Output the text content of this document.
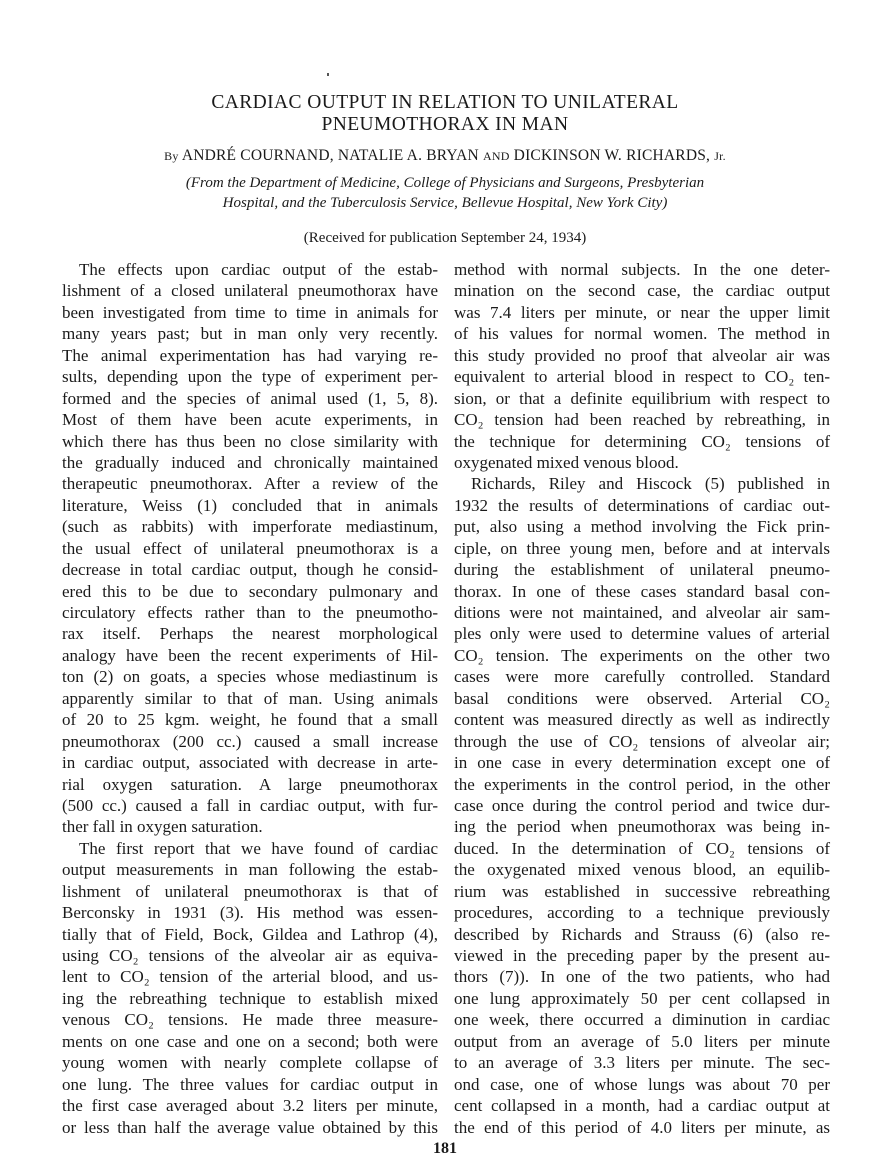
CARDIAC OUTPUT IN RELATION TO UNILATERAL
PNEUMOTHORAX IN MAN
By ANDRÉ COURNAND, NATALIE A. BRYAN AND DICKINSON W. RICHARDS, Jr.
(From the Department of Medicine, College of Physicians and Surgeons, Presbyterian
Hospital, and the Tuberculosis Service, Bellevue Hospital, New York City)
(Received for publication September 24, 1934)
The effects upon cardiac output of the estab-
lishment of a closed unilateral pneumothorax have
been investigated from time to time in animals for
many years past; but in man only very recently.
The animal experimentation has had varying re-
sults, depending upon the type of experiment per-
formed and the species of animal used (1, 5, 8).
Most of them have been acute experiments, in
which there has thus been no close similarity with
the gradually induced and chronically maintained
therapeutic pneumothorax. After a review of the
literature, Weiss (1) concluded that in animals
(such as rabbits) with imperforate mediastinum,
the usual effect of unilateral pneumothorax is a
decrease in total cardiac output, though he consid-
ered this to be due to secondary pulmonary and
circulatory effects rather than to the pneumotho-
rax itself. Perhaps the nearest morphological
analogy have been the recent experiments of Hil-
ton (2) on goats, a species whose mediastinum is
apparently similar to that of man. Using animals
of 20 to 25 kgm. weight, he found that a small
pneumothorax (200 cc.) caused a small increase
in cardiac output, associated with decrease in arte-
rial oxygen saturation. A large pneumothorax
(500 cc.) caused a fall in cardiac output, with fur-
ther fall in oxygen saturation.
The first report that we have found of cardiac
output measurements in man following the estab-
lishment of unilateral pneumothorax is that of
Berconsky in 1931 (3). His method was essen-
tially that of Field, Bock, Gildea and Lathrop (4),
using CO₂ tensions of the alveolar air as equiva-
lent to CO₂ tension of the arterial blood, and us-
ing the rebreathing technique to establish mixed
venous CO₂ tensions. He made three measure-
ments on one case and one on a second; both were
young women with nearly complete collapse of
one lung. The three values for cardiac output in
the first case averaged about 3.2 liters per minute,
or less than half the average value obtained by this
method with normal subjects. In the one deter-
mination on the second case, the cardiac output
was 7.4 liters per minute, or near the upper limit
of his values for normal women. The method in
this study provided no proof that alveolar air was
equivalent to arterial blood in respect to CO₂ ten-
sion, or that a definite equilibrium with respect to
CO₂ tension had been reached by rebreathing, in
the technique for determining CO₂ tensions of
oxygenated mixed venous blood.
Richards, Riley and Hiscock (5) published in
1932 the results of determinations of cardiac out-
put, also using a method involving the Fick prin-
ciple, on three young men, before and at intervals
during the establishment of unilateral pneumo-
thorax. In one of these cases standard basal con-
ditions were not maintained, and alveolar air sam-
ples only were used to determine values of arterial
CO₂ tension. The experiments on the other two
cases were more carefully controlled. Standard
basal conditions were observed. Arterial CO₂
content was measured directly as well as indirectly
through the use of CO₂ tensions of alveolar air;
in one case in every determination except one of
the experiments in the control period, in the other
case once during the control period and twice dur-
ing the period when pneumothorax was being in-
duced. In the determination of CO₂ tensions of
the oxygenated mixed venous blood, an equilib-
rium was established in successive rebreathing
procedures, according to a technique previously
described by Richards and Strauss (6) (also re-
viewed in the preceding paper by the present au-
thors (7)). In one of the two patients, who had
one lung approximately 50 per cent collapsed in
one week, there occurred a diminution in cardiac
output from an average of 5.0 liters per minute
to an average of 3.3 liters per minute. The sec-
ond case, one of whose lungs was about 70 per
cent collapsed in a month, had a cardiac output at
the end of this period of 4.0 liters per minute, as
181
